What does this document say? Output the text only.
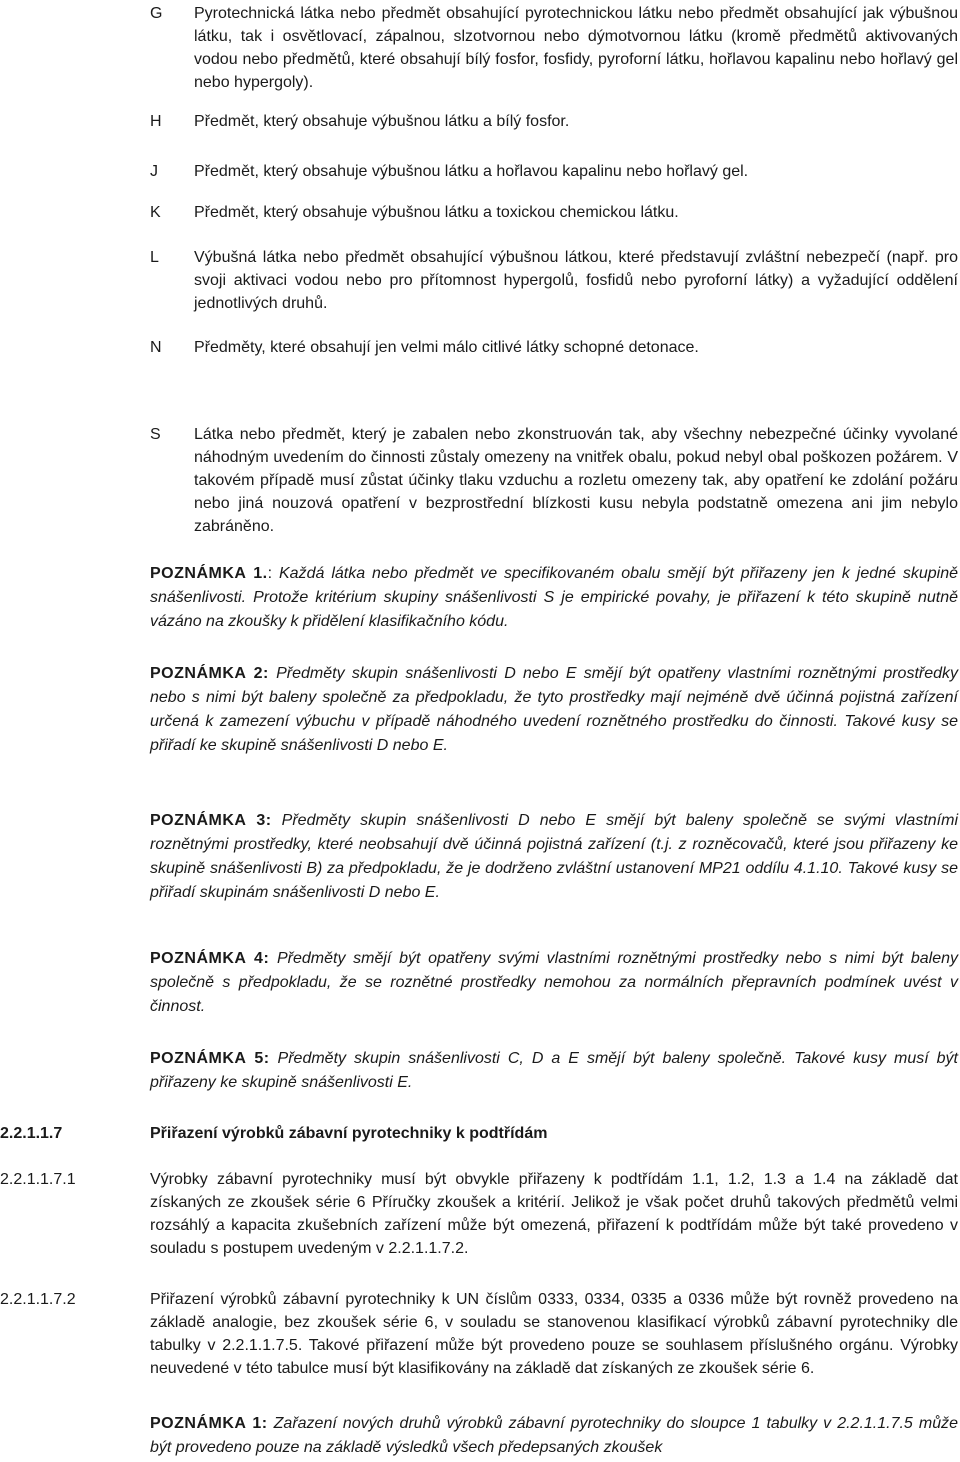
G	Pyrotechnická látka nebo předmět obsahující pyrotechnickou látku nebo předmět obsahující jak výbušnou látku, tak i osvětlovací, zápalnou, slzotvornou nebo dýmotvornou látku (kromě předmětů aktivovaných vodou nebo předmětů, které obsahují bílý fosfor, fosfidy, pyroforní látku, hořlavou kapalinu nebo hořlavý gel nebo hypergoly).
H	Předmět, který obsahuje výbušnou látku a bílý fosfor.
J	Předmět, který obsahuje výbušnou látku a hořlavou kapalinu nebo hořlavý gel.
K	Předmět, který obsahuje výbušnou látku a toxickou chemickou látku.
L	Výbušná látka nebo předmět obsahující výbušnou látkou, které představují zvláštní nebezpečí (např. pro svoji aktivaci vodou nebo pro přítomnost hypergolů, fosfidů nebo pyroforní látky) a vyžadující oddělení jednotlivých druhů.
N	Předměty, které obsahují jen velmi málo citlivé látky schopné detonace.
S	Látka nebo předmět, který je zabalen nebo zkonstruován tak, aby všechny nebezpečné účinky vyvolané náhodným uvedením do činnosti zůstaly omezeny na vnitřek obalu, pokud nebyl obal poškozen požárem. V takovém případě musí zůstat účinky tlaku vzduchu a rozletu omezeny tak, aby opatření ke zdolání požáru nebo jiná nouzová opatření v bezprostřední blízkosti kusu nebyla podstatně omezena ani jim nebylo zabráněno.
POZNÁMKA 1.: Každá látka nebo předmět ve specifikovaném obalu smějí být přiřazeny jen k jedné skupině snášenlivosti. Protože kritérium skupiny snášenlivosti S je empirické povahy, je přiřazení k této skupině nutně vázáno na zkoušky k přidělení klasifikačního kódu.
POZNÁMKA 2: Předměty skupin snášenlivosti D nebo E smějí být opatřeny vlastními roznětnými prostředky nebo s nimi být baleny společně za předpokladu, že tyto prostředky mají nejméně dvě účinná pojistná zařízení určená k zamezení výbuchu v případě náhodného uvedení roznětného prostředku do činnosti. Takové kusy se přiřadí ke skupině snášenlivosti D nebo E.
POZNÁMKA 3: Předměty skupin snášenlivosti D nebo E smějí být baleny společně se svými vlastními roznětnými prostředky, které neobsahují dvě účinná pojistná zařízení (t.j. z rozněcovačů, které jsou přiřazeny ke skupině snášenlivosti B) za předpokladu, že je dodrženo zvláštní ustanovení MP21 oddílu 4.1.10. Takové kusy se přiřadí skupinám snášenlivosti D nebo E.
POZNÁMKA 4: Předměty smějí být opatřeny svými vlastními roznětnými prostředky nebo s nimi být baleny společně s předpokladu, že se roznětné prostředky nemohou za normálních přepravních podmínek uvést v činnost.
POZNÁMKA 5: Předměty skupin snášenlivosti C, D a E smějí být baleny společně. Takové kusy musí být přiřazeny ke skupině snášenlivosti E.
2.2.1.1.7	Přiřazení výrobků zábavní pyrotechniky k podtřídám
2.2.1.1.7.1	Výrobky zábavní pyrotechniky musí být obvykle přiřazeny k podtřídám 1.1, 1.2, 1.3 a 1.4 na základě dat získaných ze zkoušek série 6 Příručky zkoušek a kritérií. Jelikož je však počet druhů takových předmětů velmi rozsáhlý a kapacita zkušebních zařízení může být omezená, přiřazení k podtřídám může být také provedeno v souladu s postupem uvedeným v 2.2.1.1.7.2.
2.2.1.1.7.2	Přiřazení výrobků zábavní pyrotechniky k UN číslům 0333, 0334, 0335 a 0336 může být rovněž provedeno na základě analogie, bez zkoušek série 6, v souladu se stanovenou klasifikací výrobků zábavní pyrotechniky dle tabulky v 2.2.1.1.7.5. Takové přiřazení může být provedeno pouze se souhlasem příslušného orgánu. Výrobky neuvedené v této tabulce musí být klasifikovány na základě dat získaných ze zkoušek série 6.
POZNÁMKA 1: Zařazení nových druhů výrobků zábavní pyrotechniky do sloupce 1 tabulky v 2.2.1.1.7.5 může být provedeno pouze na základě výsledků všech předepsaných zkoušek
